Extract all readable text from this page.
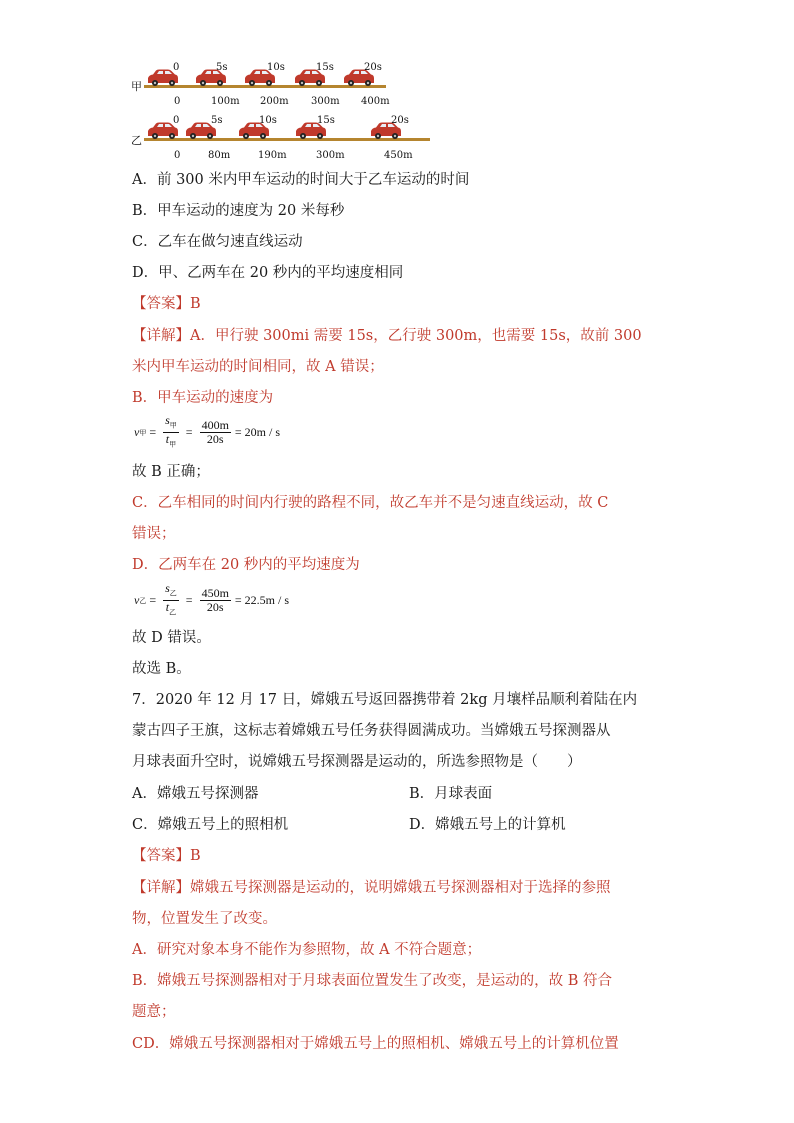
甲
0	5s	10s	15s	20s
0	100m 200m 300m 400m
乙
0	5s	10s	15s	20s
0	80m	190m	300m	450m
A．前 300 米内甲车运动的时间大于乙车运动的时间
B．甲车运动的速度为 20 米每秒
C．乙车在做匀速直线运动
D．甲、乙两车在 20 秒内的平均速度相同
【答案】B
【详解】A．甲行驶 300mi 需要 15s，乙行驶 300m，也需要 15s，故前 300
米内甲车运动的时间相同，故 A 错误；
B．甲车运动的速度为
v 甲 = $\frac{s_甲}{t_甲} = \frac{400m}{20s} = 20m / s$
故 B 正确；
C．乙车相同的时间内行驶的路程不同，故乙车并不是匀速直线运动，故 C
错误；
D．乙两车在 20 秒内的平均速度为
v 乙 = $\frac{s_乙}{t_乙} = \frac{450m}{20s} = 22.5m / s$
故 D 错误。
故选 B。
7．2020 年 12 月 17 日，嫦娥五号返回器携带着 2kg 月壤样品顺利着陆在内
蒙古四子王旗，这标志着嫦娥五号任务获得圆满成功。当嫦娥五号探测器从
月球表面升空时，说嫦娥五号探测器是运动的，所选参照物是（　　）
A．嫦娥五号探测器	B．月球表面
C．嫦娥五号上的照相机	D．嫦娥五号上的计算机
【答案】B
【详解】嫦娥五号探测器是运动的，说明嫦娥五号探测器相对于选择的参照
物，位置发生了改变。
A．研究对象本身不能作为参照物，故 A 不符合题意；
B．嫦娥五号探测器相对于月球表面位置发生了改变，是运动的，故 B 符合
题意；
CD．嫦娥五号探测器相对于嫦娥五号上的照相机、嫦娥五号上的计算机位置
